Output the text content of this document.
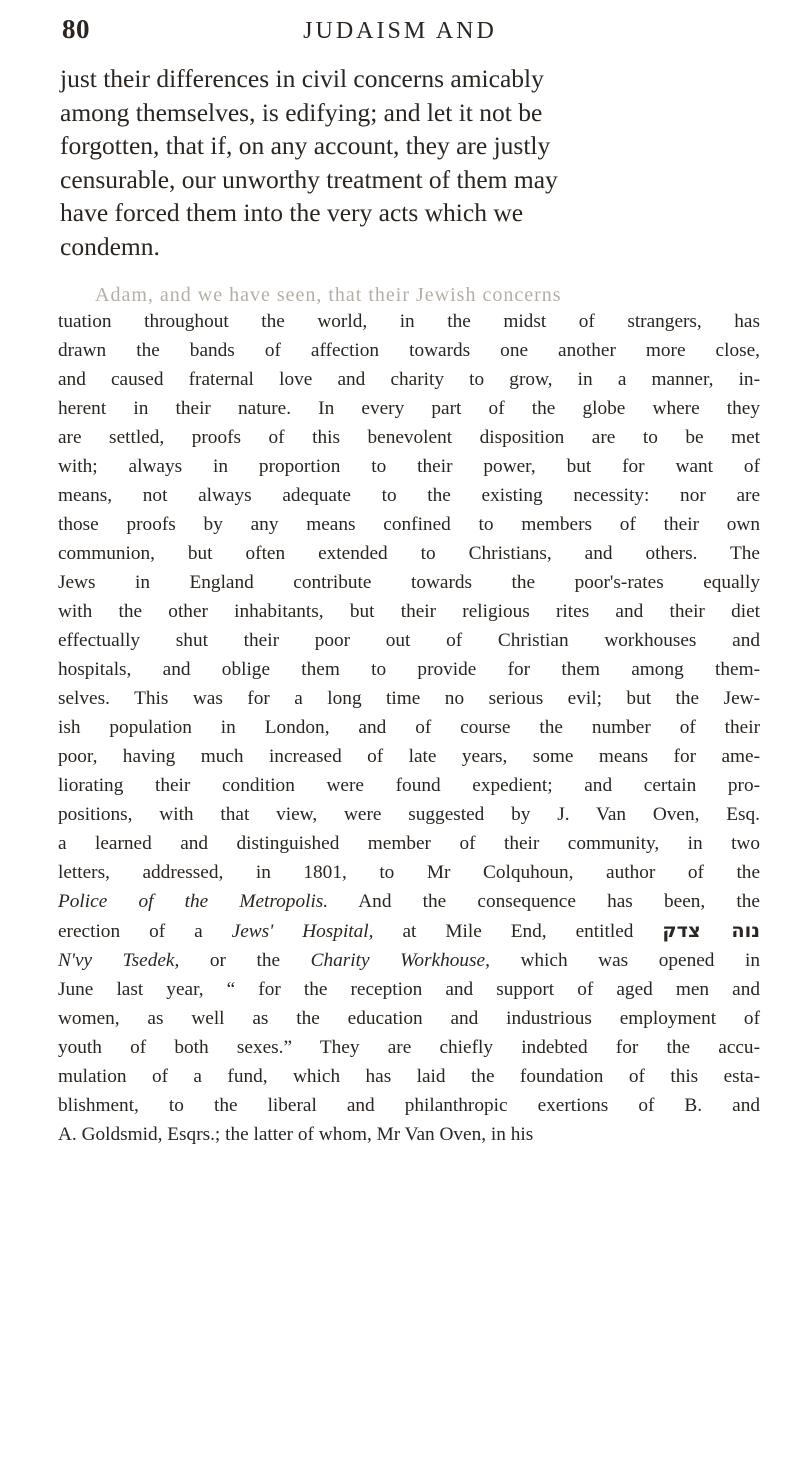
80	JUDAISM AND
just their differences in civil concerns amicably
among themselves, is edifying; and let it not be
forgotten, that if, on any account, they are justly
censurable, our unworthy treatment of them may
have forced them into the very acts which we
condemn.
Adam, and we have seen, that their Jewish concerns
tuation throughout the world, in the midst of strangers, has
drawn the bands of affection towards one another more close,
and caused fraternal love and charity to grow, in a manner, in-
herent in their nature. In every part of the globe where they
are settled, proofs of this benevolent disposition are to be met
with; always in proportion to their power, but for want of
means, not always adequate to the existing necessity: nor are
those proofs by any means confined to members of their own
communion, but often extended to Christians, and others. The
Jews in England contribute towards the poor's-rates equally
with the other inhabitants, but their religious rites and their diet
effectually shut their poor out of Christian workhouses and
hospitals, and oblige them to provide for them among them-
selves. This was for a long time no serious evil; but the Jew-
ish population in London, and of course the number of their
poor, having much increased of late years, some means for ame-
liorating their condition were found expedient; and certain pro-
positions, with that view, were suggested by J. Van Oven, Esq.
a learned and distinguished member of their community, in two
letters, addressed, in 1801, to Mr Colquhoun, author of the
Police of the Metropolis. And the consequence has been, the
erection of a Jews' Hospital, at Mile End, entitled נוה צדק
N'vy Tsedek, or the Charity Workhouse, which was opened in
June last year, “ for the reception and support of aged men and
women, as well as the education and industrious employment of
youth of both sexes.” They are chiefly indebted for the accu-
mulation of a fund, which has laid the foundation of this esta-
blishment, to the liberal and philanthropic exertions of B. and
A. Goldsmid, Esqrs.; the latter of whom, Mr Van Oven, in his
